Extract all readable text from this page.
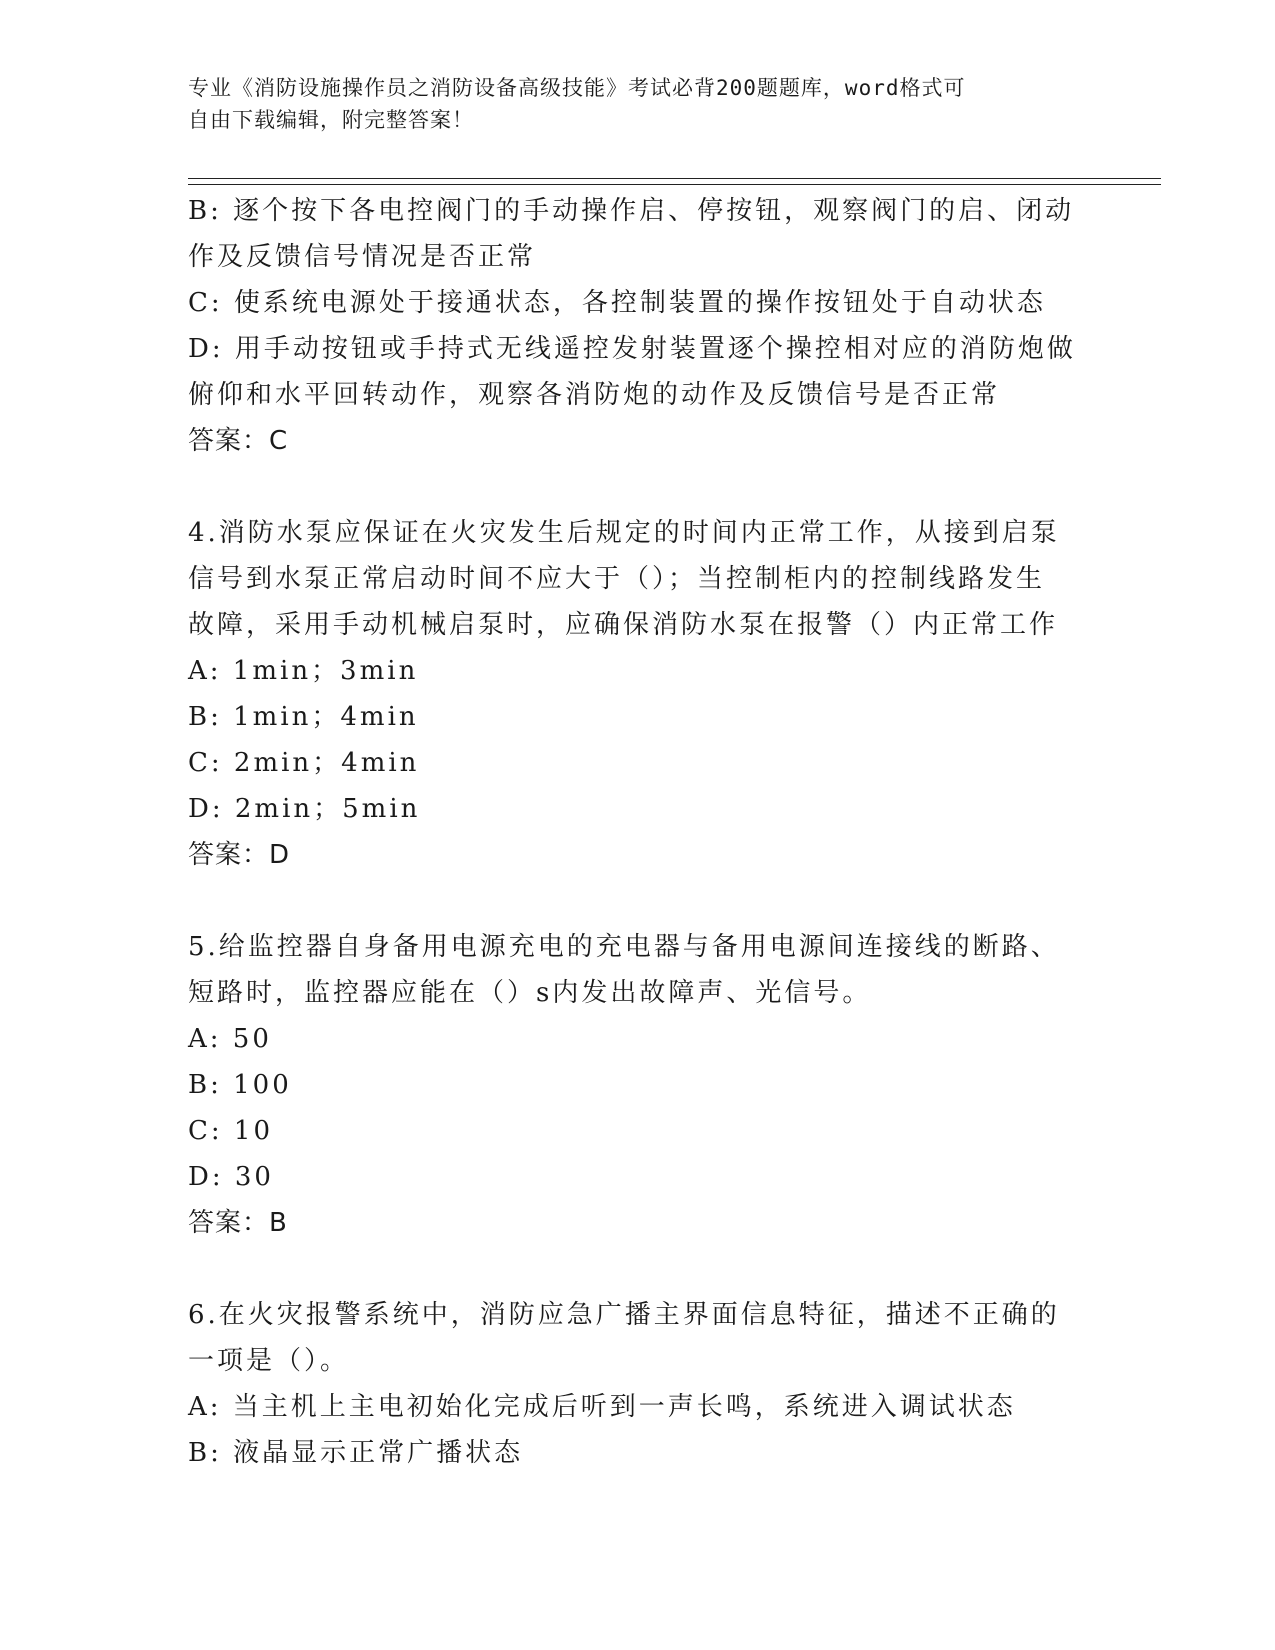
专业《消防设施操作员之消防设备高级技能》考试必背200题题库，word格式可
自由下载编辑，附完整答案！

B: 逐个按下各电控阀门的手动操作启、停按钮，观察阀门的启、闭动

作及反馈信号情况是否正常

C: 使系统电源处于接通状态，各控制装置的操作按钮处于自动状态

D: 用手动按钮或手持式无线遥控发射装置逐个操控相对应的消防炮做

俯仰和水平回转动作，观察各消防炮的动作及反馈信号是否正常

答案：C

4.消防水泵应保证在火灾发生后规定的时间内正常工作，从接到启泵

信号到水泵正常启动时间不应大于（）；当控制柜内的控制线路发生

故障，采用手动机械启泵时，应确保消防水泵在报警（）内正常工作

A: 1min；3min

B: 1min；4min

C: 2min；4min

D: 2min；5min

答案：D

5.给监控器自身备用电源充电的充电器与备用电源间连接线的断路、

短路时，监控器应能在（）s内发出故障声、光信号。

A: 50

B: 100

C: 10

D: 30

答案：B

6.在火灾报警系统中，消防应急广播主界面信息特征，描述不正确的

一项是（）。

A: 当主机上主电初始化完成后听到一声长鸣，系统进入调试状态

B: 液晶显示正常广播状态
